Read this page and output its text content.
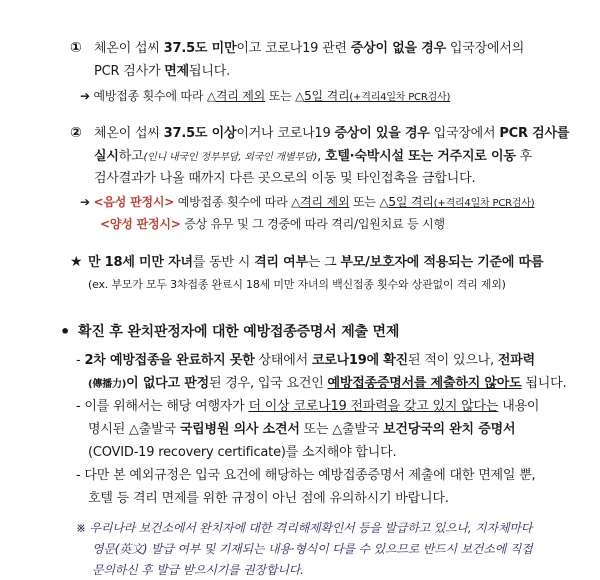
① 체온이 섭씨 37.5도 미만이고 코로나19 관련 증상이 없을 경우 입국장에서의
PCR 검사가 면제됩니다.
➔ 예방접종 횟수에 따라 △격리 제외 또는 △5일 격리(+격리4일차 PCR검사)
② 체온이 섭씨 37.5도 이상이거나 코로나19 증상이 있을 경우 입국장에서 PCR 검사를
실시하고(인니 내국인 정부부담, 외국인 개별부담), 호텔·숙박시설 또는 거주지로 이동 후
검사결과가 나올 때까지 다른 곳으로의 이동 및 타인접촉을 금합니다.
➔ <음성 판정시> 예방접종 횟수에 따라 △격리 제외 또는 △5일 격리(+격리4일차 PCR검사)
<양성 판정시> 증상 유무 및 그 경중에 따라 격리/입원치료 등 시행
★ 만 18세 미만 자녀를 동반 시 격리 여부는 그 부모/보호자에 적용되는 기준에 따름
(ex. 부모가 모두 3차접종 완료시 18세 미만 자녀의 백신접종 횟수와 상관없이 격리 제외)
• 확진 후 완치판정자에 대한 예방접종증명서 제출 면제
- 2차 예방접종을 완료하지 못한 상태에서 코로나19에 확진된 적이 있으나, 전파력
(傳播力)이 없다고 판정된 경우, 입국 요건인 예방접종증명서를 제출하지 않아도 됩니다.
- 이를 위해서는 해당 여행자가 더 이상 코로나19 전파력을 갖고 있지 않다는 내용이
명시된 △출발국 국립병원 의사 소견서 또는 △출발국 보건당국의 완치 증명서
(COVID-19 recovery certificate)를 소지해야 합니다.
- 다만 본 예외규정은 입국 요건에 해당하는 예방접종증명서 제출에 대한 면제일 뿐,
호텔 등 격리 면제를 위한 규정이 아닌 점에 유의하시기 바랍니다.
※ 우리나라 보건소에서 완치자에 대한 격리해제확인서 등을 발급하고 있으나, 지자체마다
영문(英文) 발급 여부 및 기재되는 내용·형식이 다를 수 있으므로 반드시 보건소에 직접
문의하신 후 발급 받으시기를 권장합니다.
